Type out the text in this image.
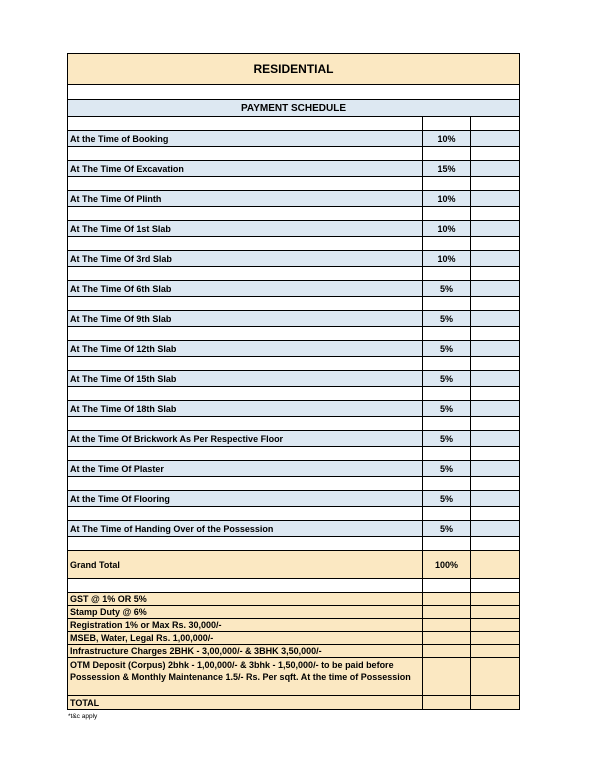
RESIDENTIAL
PAYMENT SCHEDULE
At the Time of Booking	10%
At The Time Of Excavation	15%
At The Time Of Plinth	10%
At The Time Of 1st Slab	10%
At The Time Of 3rd Slab	10%
At The Time Of 6th Slab	5%
At The Time Of 9th Slab	5%
At The Time Of 12th Slab	5%
At The Time Of 15th Slab	5%
At The Time Of 18th Slab	5%
At the Time Of Brickwork As Per Respective Floor	5%
At the Time Of Plaster	5%
At the Time Of Flooring	5%
At The Time of Handing Over of the Possession	5%
Grand Total	100%
GST @ 1% OR 5%
Stamp Duty @ 6%
Registration 1% or Max Rs. 30,000/-
MSEB, Water, Legal Rs. 1,00,000/-
Infrastructure Charges 2BHK - 3,00,000/- & 3BHK 3,50,000/-
OTM Deposit (Corpus) 2bhk - 1,00,000/- & 3bhk - 1,50,000/- to be paid before Possession & Monthly Maintenance 1.5/- Rs. Per sqft. At the time of Possession
TOTAL
*t&c apply
